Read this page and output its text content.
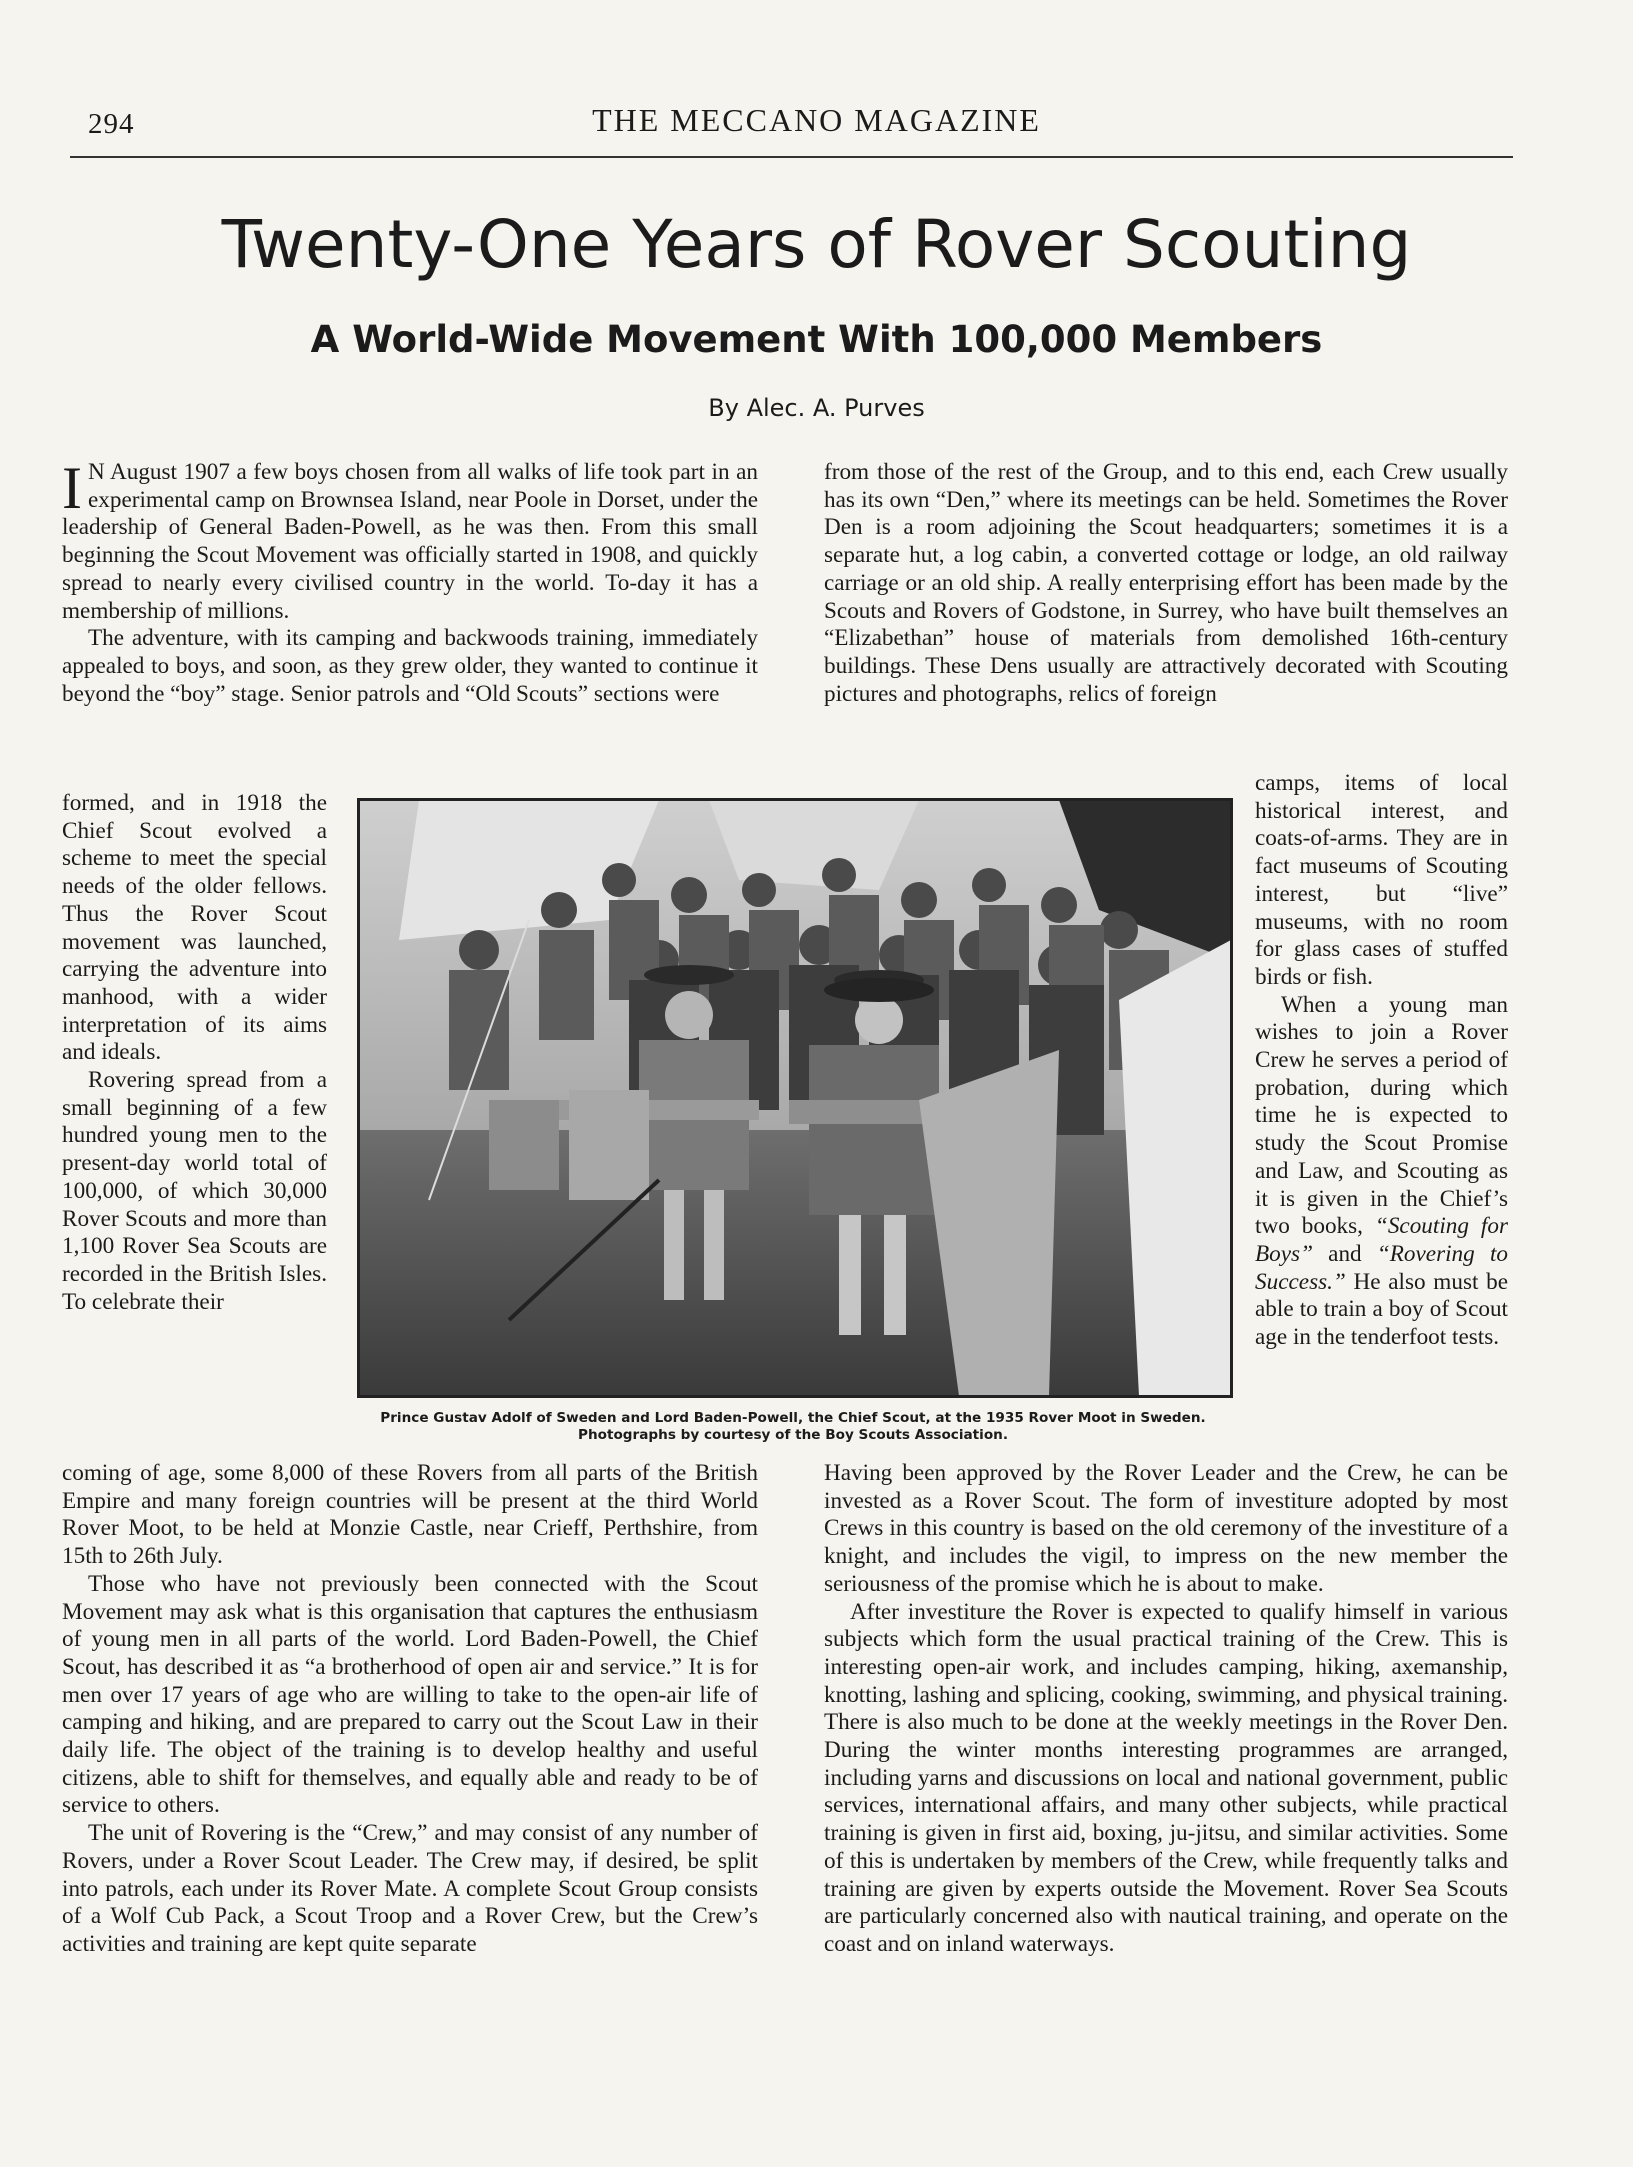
294	THE MECCANO MAGAZINE
Twenty-One Years of Rover Scouting
A World-Wide Movement With 100,000 Members
By Alec. A. Purves

I N August 1907 a few boys chosen from all walks of life took part in an experimental camp on Brownsea Island, near Poole in Dorset, under the leadership of General Baden-Powell, as he was then. From this small beginning the Scout Movement was officially started in 1908, and quickly spread to nearly every civilised country in the world. To-day it has a membership of millions.

The adventure, with its camping and backwoods training, immediately appealed to boys, and soon, as they grew older, they wanted to continue it beyond the “boy” stage. Senior patrols and “Old Scouts” sections were

formed, and in 1918 the Chief Scout evolved a scheme to meet the special needs of the older fellows. Thus the Rover Scout movement was launched, carrying the adventure into manhood, with a wider interpretation of its aims and ideals.

Rovering spread from a small beginning of a few hundred young men to the present-day world total of 100,000, of which 30,000 Rover Scouts and more than 1,100 Rover Sea Scouts are recorded in the British Isles. To celebrate their

Prince Gustav Adolf of Sweden and Lord Baden-Powell, the Chief Scout, at the 1935 Rover Moot in Sweden.
Photographs by courtesy of the Boy Scouts Association.

coming of age, some 8,000 of these Rovers from all parts of the British Empire and many foreign countries will be present at the third World Rover Moot, to be held at Monzie Castle, near Crieff, Perthshire, from 15th to 26th July.

Those who have not previously been connected with the Scout Movement may ask what is this organisation that captures the enthusiasm of young men in all parts of the world. Lord Baden-Powell, the Chief Scout, has described it as “a brotherhood of open air and service.” It is for men over 17 years of age who are willing to take to the open-air life of camping and hiking, and are prepared to carry out the Scout Law in their daily life. The object of the training is to develop healthy and useful citizens, able to shift for themselves, and equally able and ready to be of service to others.

The unit of Rovering is the “Crew,” and may consist of any number of Rovers, under a Rover Scout Leader. The Crew may, if desired, be split into patrols, each under its Rover Mate. A complete Scout Group consists of a Wolf Cub Pack, a Scout Troop and a Rover Crew, but the Crew’s activities and training are kept quite separate

from those of the rest of the Group, and to this end, each Crew usually has its own “Den,” where its meetings can be held. Sometimes the Rover Den is a room adjoining the Scout headquarters; sometimes it is a separate hut, a log cabin, a converted cottage or lodge, an old railway carriage or an old ship. A really enterprising effort has been made by the Scouts and Rovers of Godstone, in Surrey, who have built themselves an “Elizabethan” house of materials from demolished 16th-century buildings. These Dens usually are attractively decorated with Scouting pictures and photographs, relics of foreign

camps, items of local historical interest, and coats-of-arms. They are in fact museums of Scouting interest, but “live” museums, with no room for glass cases of stuffed birds or fish.

When a young man wishes to join a Rover Crew he serves a period of probation, during which time he is expected to study the Scout Promise and Law, and Scouting as it is given in the Chief’s two books, “Scouting for Boys” and “Rovering to Success.” He also must be able to train a boy of Scout age in the tenderfoot tests.

Having been approved by the Rover Leader and the Crew, he can be invested as a Rover Scout. The form of investiture adopted by most Crews in this country is based on the old ceremony of the investiture of a knight, and includes the vigil, to impress on the new member the seriousness of the promise which he is about to make.

After investiture the Rover is expected to qualify himself in various subjects which form the usual practical training of the Crew. This is interesting open-air work, and includes camping, hiking, axemanship, knotting, lashing and splicing, cooking, swimming, and physical training. There is also much to be done at the weekly meetings in the Rover Den. During the winter months interesting programmes are arranged, including yarns and discussions on local and national government, public services, international affairs, and many other subjects, while practical training is given in first aid, boxing, ju-jitsu, and similar activities. Some of this is undertaken by members of the Crew, while frequently talks and training are given by experts outside the Movement. Rover Sea Scouts are particularly concerned also with nautical training, and operate on the coast and on inland waterways.
